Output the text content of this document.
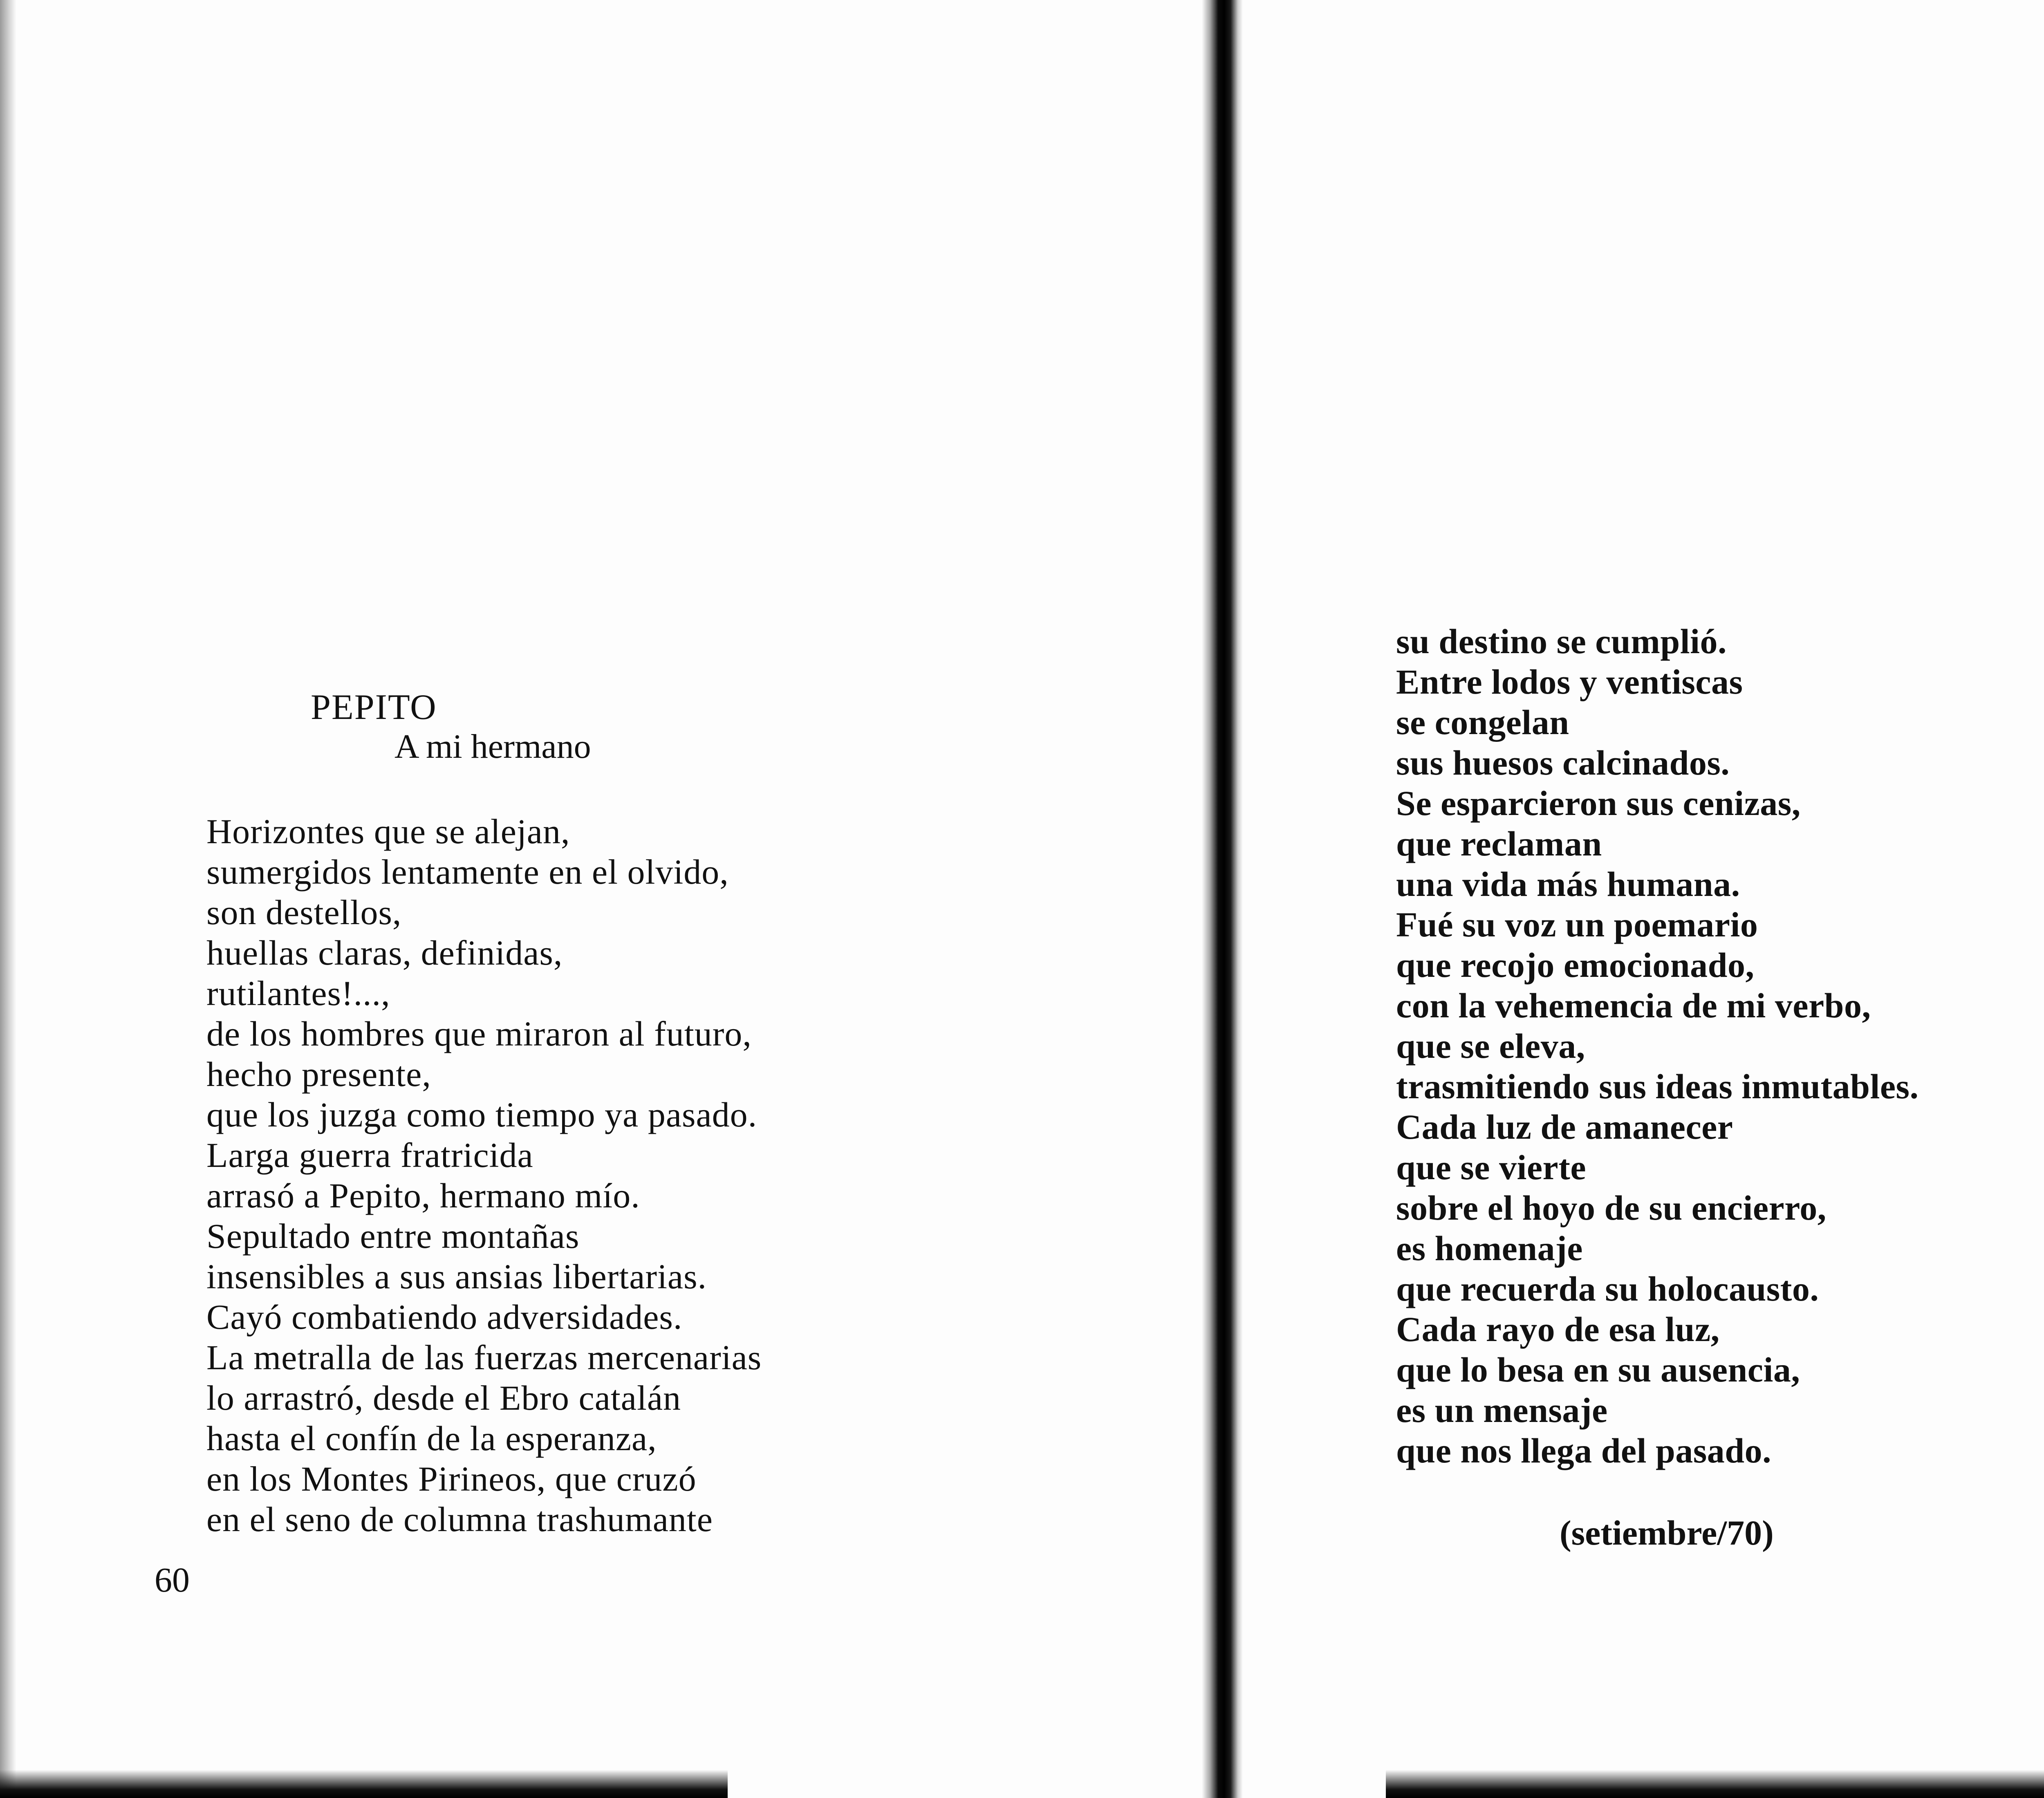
PEPITO
A mi hermano
Horizontes que se alejan,
sumergidos lentamente en el olvido,
son destellos,
huellas claras, definidas,
rutilantes!...,
de los hombres que miraron al futuro,
hecho presente,
que los juzga como tiempo ya pasado.
Larga guerra fratricida
arrasó a Pepito, hermano mío.
Sepultado entre montañas
insensibles a sus ansias libertarias.
Cayó combatiendo adversidades.
La metralla de las fuerzas mercenarias
lo arrastró, desde el Ebro catalán
hasta el confín de la esperanza,
en los Montes Pirineos, que cruzó
en el seno de columna trashumante
60
su destino se cumplió.
Entre lodos y ventiscas
se congelan
sus huesos calcinados.
Se esparcieron sus cenizas,
que reclaman
una vida más humana.
Fué su voz un poemario
que recojo emocionado,
con la vehemencia de mi verbo,
que se eleva,
trasmitiendo sus ideas inmutables.
Cada luz de amanecer
que se vierte
sobre el hoyo de su encierro,
es homenaje
que recuerda su holocausto.
Cada rayo de esa luz,
que lo besa en su ausencia,
es un mensaje
que nos llega del pasado.
(setiembre/70)
